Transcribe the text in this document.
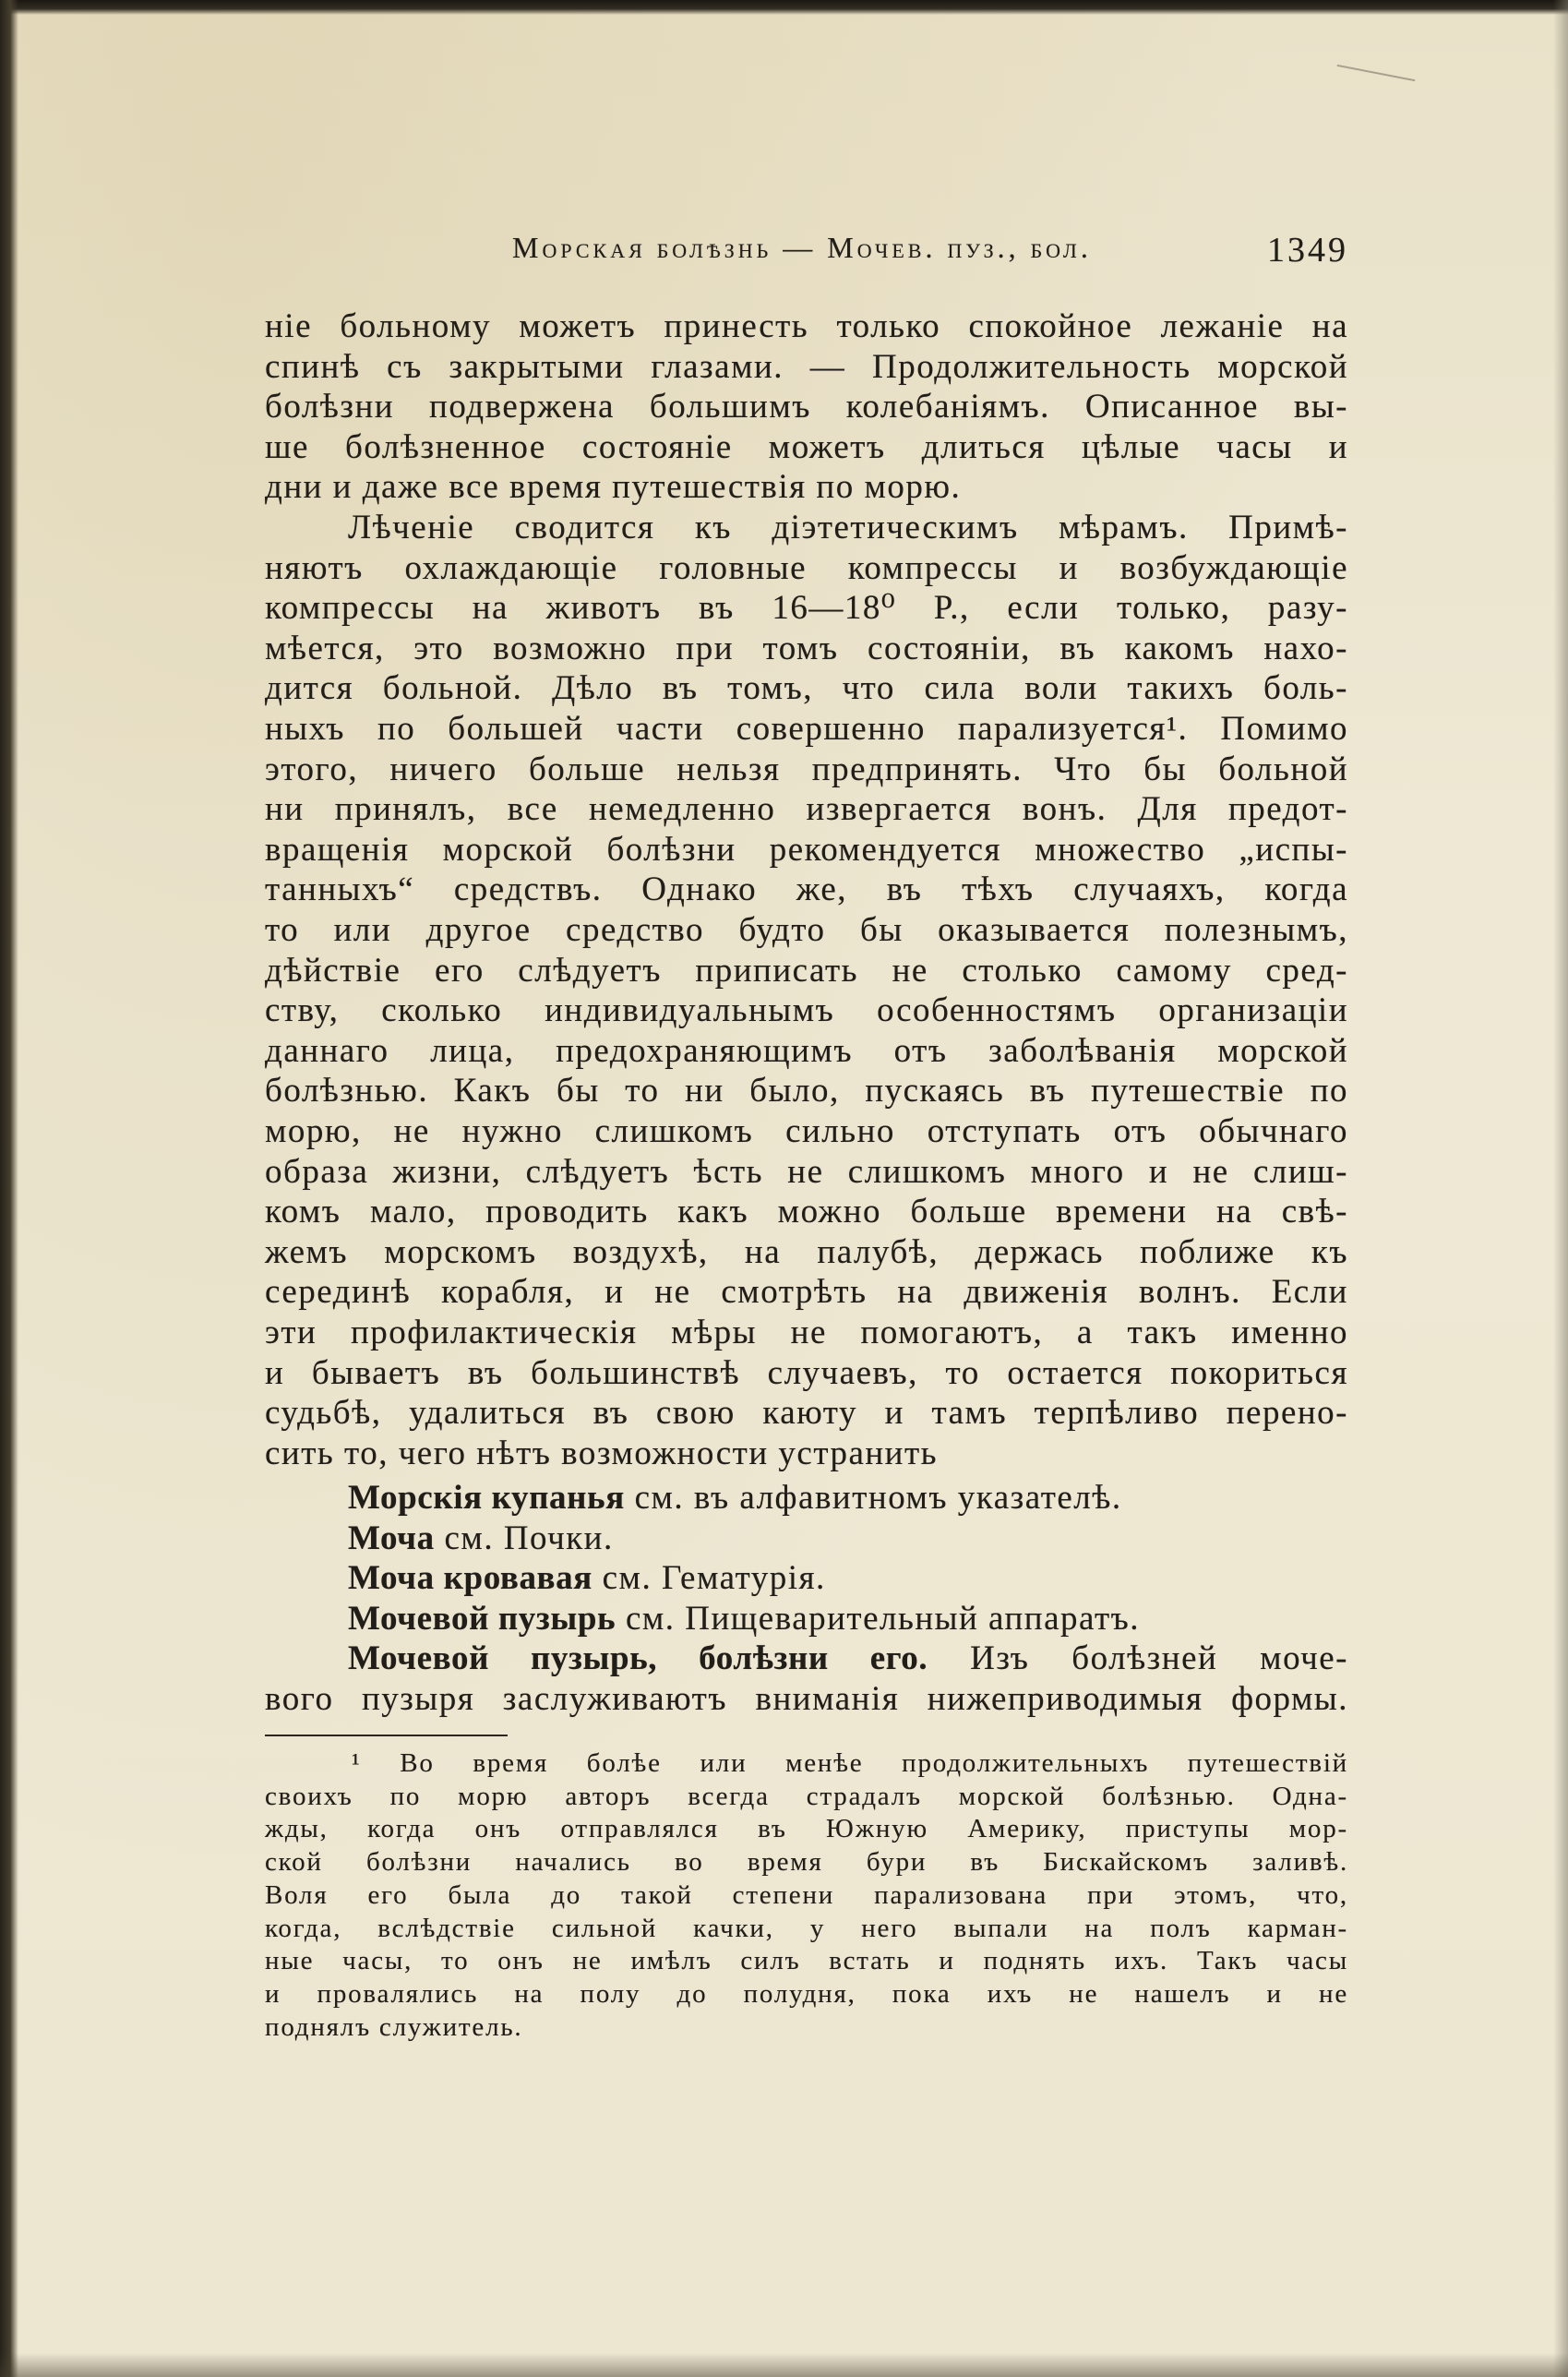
Морская болѣзнь — Мочев. пуз., бол.	1349
ніе больному можетъ принесть только спокойное лежаніе на
спинѣ съ закрытыми глазами. — Продолжительность морской
болѣзни подвержена большимъ колебаніямъ. Описанное вы-
ше болѣзненное состояніе можетъ длиться цѣлые часы и
дни и даже все время путешествія по морю.
Лѣченіе сводится къ діэтетическимъ мѣрамъ. Примѣ-
няютъ охлаждающіе головные компрессы и возбуждающіе
компрессы на животъ въ 16—18⁰ Р., если только, разу-
мѣется, это возможно при томъ состояніи, въ какомъ нахо-
дится больной. Дѣло въ томъ, что сила воли такихъ боль-
ныхъ по большей части совершенно парализуется¹. Помимо
этого, ничего больше нельзя предпринять. Что бы больной
ни принялъ, все немедленно извергается вонъ. Для предот-
вращенія морской болѣзни рекомендуется множество „испы-
танныхъ“ средствъ. Однако же, въ тѣхъ случаяхъ, когда
то или другое средство будто бы оказывается полезнымъ,
дѣйствіе его слѣдуетъ приписать не столько самому сред-
ству, сколько индивидуальнымъ особенностямъ организаціи
даннаго лица, предохраняющимъ отъ заболѣванія морской
болѣзнью. Какъ бы то ни было, пускаясь въ путешествіе по
морю, не нужно слишкомъ сильно отступать отъ обычнаго
образа жизни, слѣдуетъ ѣсть не слишкомъ много и не слиш-
комъ мало, проводить какъ можно больше времени на свѣ-
жемъ морскомъ воздухѣ, на палубѣ, держась поближе къ
серединѣ корабля, и не смотрѣть на движенія волнъ. Если
эти профилактическія мѣры не помогаютъ, а такъ именно
и бываетъ въ большинствѣ случаевъ, то остается покориться
судьбѣ, удалиться въ свою каюту и тамъ терпѣливо перено-
сить то, чего нѣтъ возможности устранить
Морскія купанья см. въ алфавитномъ указателѣ.
Моча см. Почки.
Моча кровавая см. Гематурія.
Мочевой пузырь см. Пищеварительный аппаратъ.
Мочевой пузырь, болѣзни его. Изъ болѣзней моче-
вого пузыря заслуживаютъ вниманія нижеприводимыя формы.
¹ Во время болѣе или менѣе продолжительныхъ путешествій
своихъ по морю авторъ всегда страдалъ морской болѣзнью. Одна-
жды, когда онъ отправлялся въ Южную Америку, приступы мор-
ской болѣзни начались во время бури въ Бискайскомъ заливѣ.
Воля его была до такой степени парализована при этомъ, что,
когда, вслѣдствіе сильной качки, у него выпали на полъ карман-
ные часы, то онъ не имѣлъ силъ встать и поднять ихъ. Такъ часы
и провалялись на полу до полудня, пока ихъ не нашелъ и не
поднялъ служитель.
